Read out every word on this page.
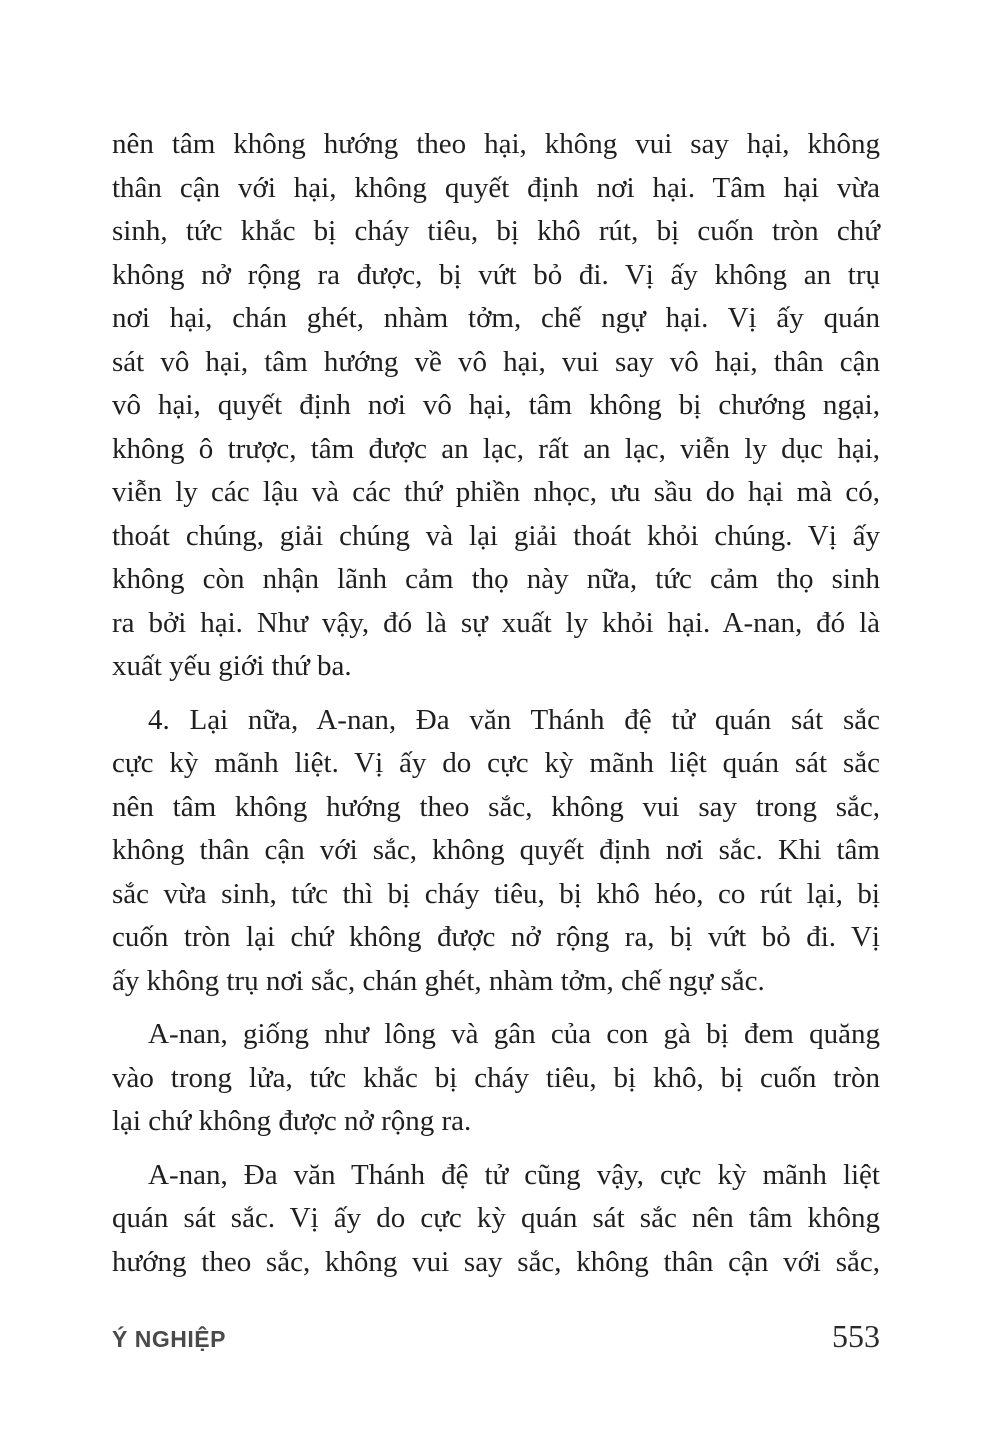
nên tâm không hướng theo hại, không vui say hại, không
thân cận với hại, không quyết định nơi hại. Tâm hại vừa
sinh, tức khắc bị cháy tiêu, bị khô rút, bị cuốn tròn chứ
không nở rộng ra được, bị vứt bỏ đi. Vị ấy không an trụ
nơi hại, chán ghét, nhàm tởm, chế ngự hại. Vị ấy quán
sát vô hại, tâm hướng về vô hại, vui say vô hại, thân cận
vô hại, quyết định nơi vô hại, tâm không bị chướng ngại,
không ô trược, tâm được an lạc, rất an lạc, viễn ly dục hại,
viễn ly các lậu và các thứ phiền nhọc, ưu sầu do hại mà có,
thoát chúng, giải chúng và lại giải thoát khỏi chúng. Vị ấy
không còn nhận lãnh cảm thọ này nữa, tức cảm thọ sinh
ra bởi hại. Như vậy, đó là sự xuất ly khỏi hại. A-nan, đó là
xuất yếu giới thứ ba.
4. Lại nữa, A-nan, Đa văn Thánh đệ tử quán sát sắc
cực kỳ mãnh liệt. Vị ấy do cực kỳ mãnh liệt quán sát sắc
nên tâm không hướng theo sắc, không vui say trong sắc,
không thân cận với sắc, không quyết định nơi sắc. Khi tâm
sắc vừa sinh, tức thì bị cháy tiêu, bị khô héo, co rút lại, bị
cuốn tròn lại chứ không được nở rộng ra, bị vứt bỏ đi. Vị
ấy không trụ nơi sắc, chán ghét, nhàm tởm, chế ngự sắc.
A-nan, giống như lông và gân của con gà bị đem quăng
vào trong lửa, tức khắc bị cháy tiêu, bị khô, bị cuốn tròn
lại chứ không được nở rộng ra.
A-nan, Đa văn Thánh đệ tử cũng vậy, cực kỳ mãnh liệt
quán sát sắc. Vị ấy do cực kỳ quán sát sắc nên tâm không
hướng theo sắc, không vui say sắc, không thân cận với sắc,
Ý NGHIỆP	553
